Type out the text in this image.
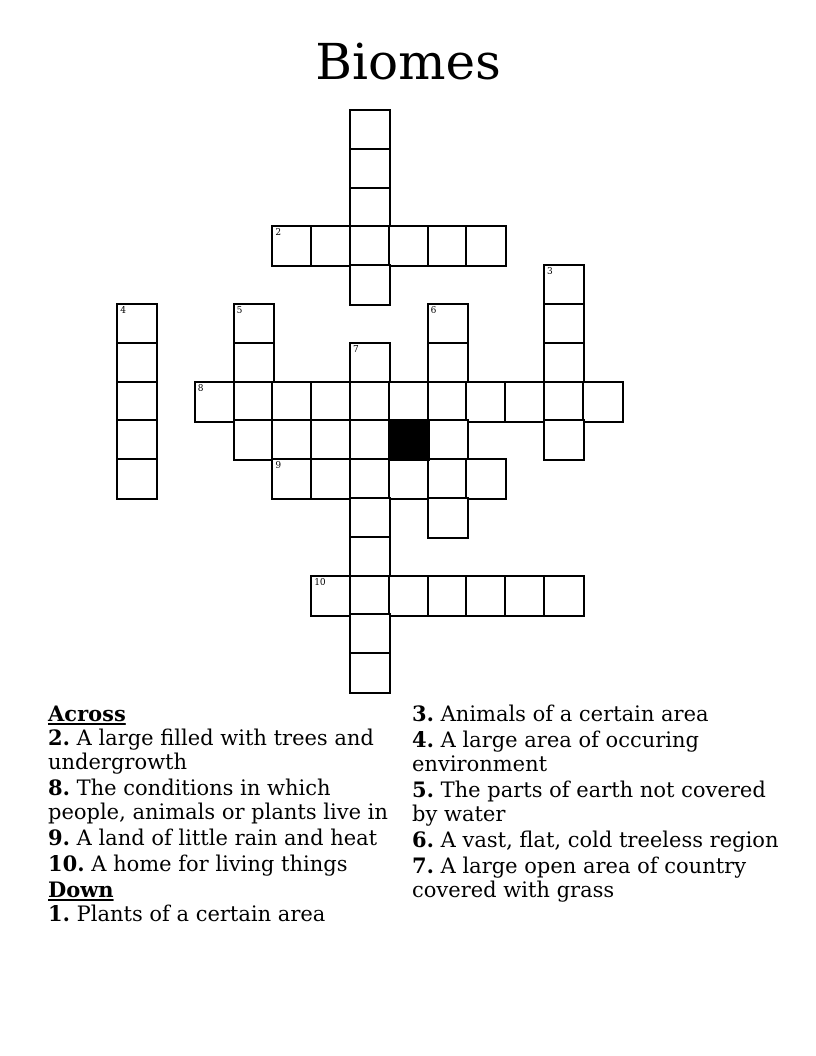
Biomes
2
3
4	5	6
7
8
9
10
Across
2. A large filled with trees and undergrowth
8. The conditions in which people, animals or plants live in
9. A land of little rain and heat
10. A home for living things
Down
1. Plants of a certain area
3. Animals of a certain area
4. A large area of occuring environment
5. The parts of earth not covered by water
6. A vast, flat, cold treeless region
7. A large open area of country covered with grass
